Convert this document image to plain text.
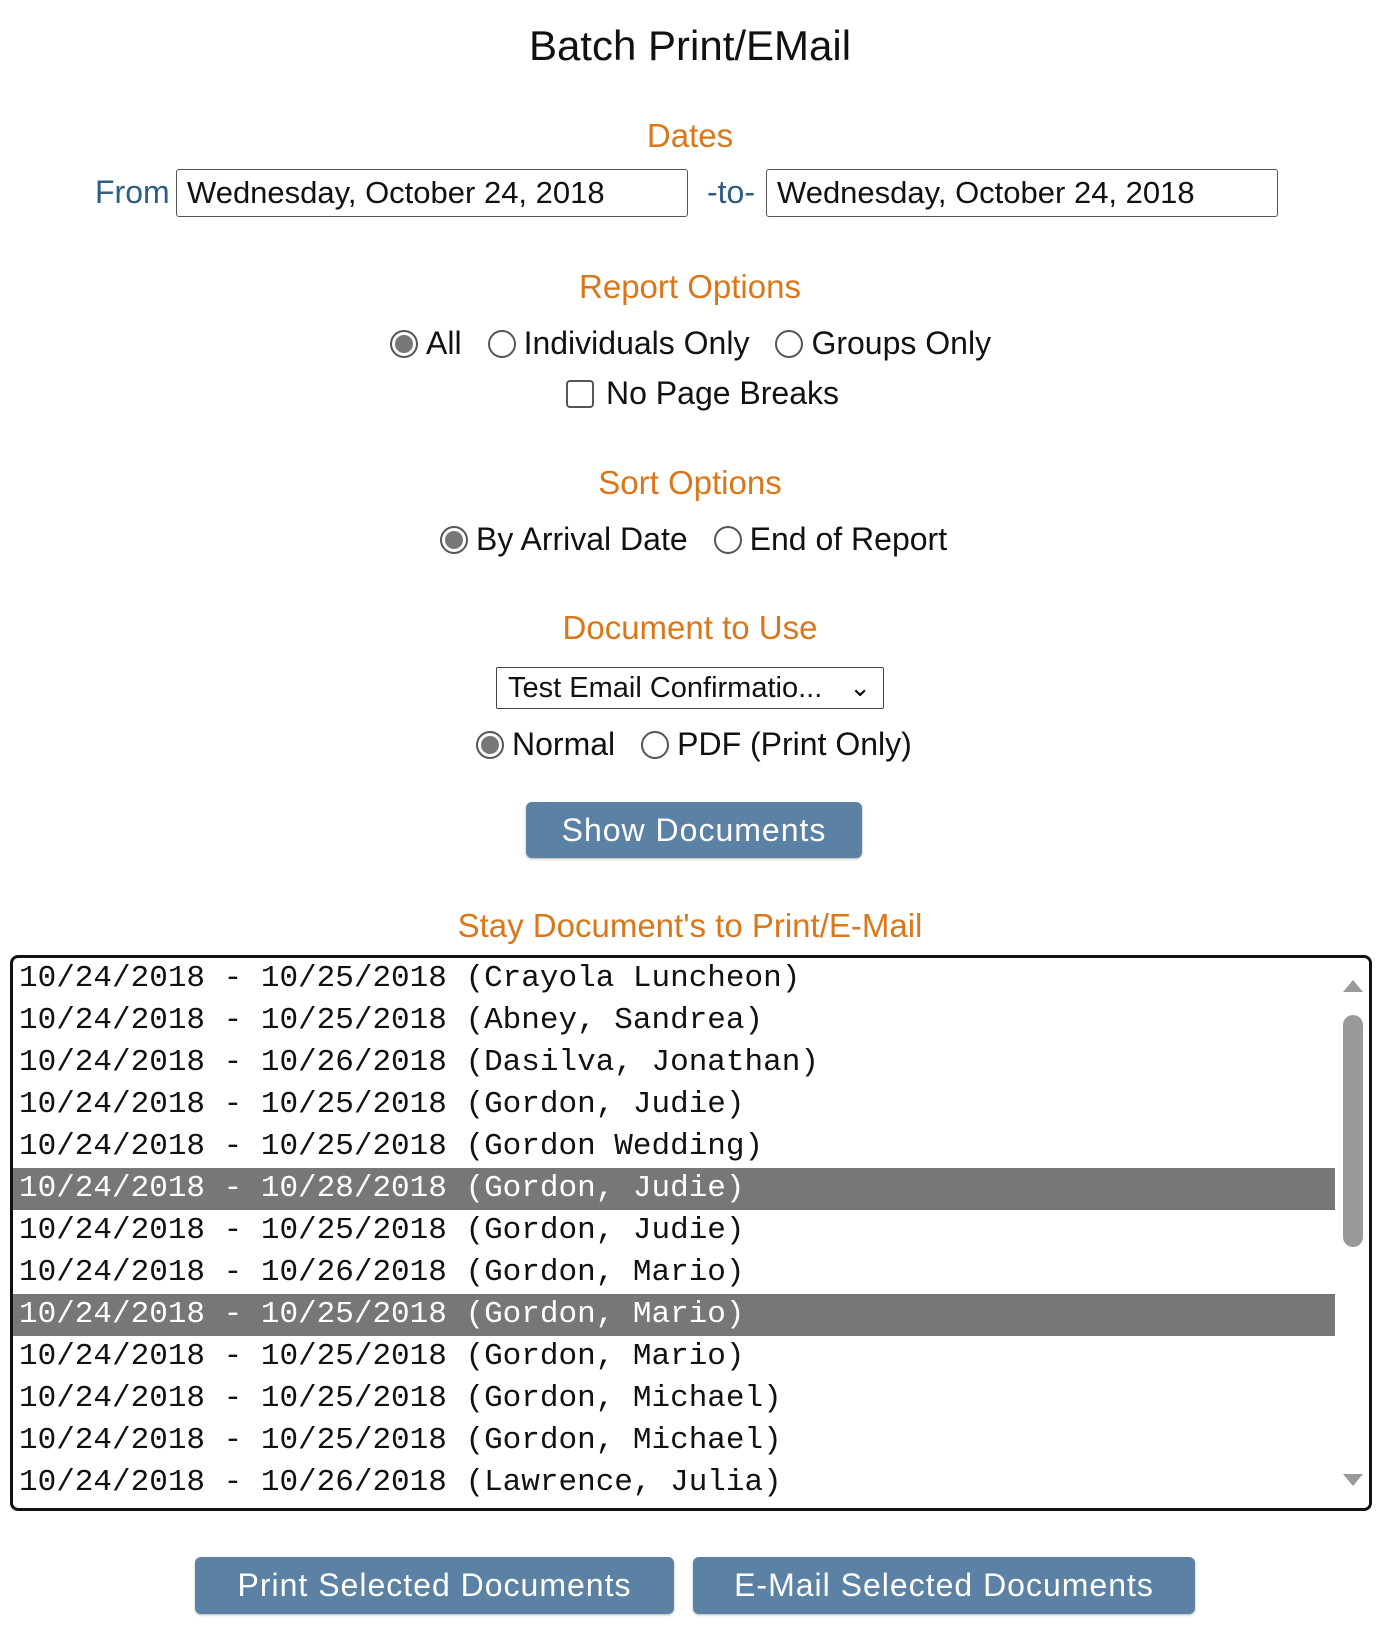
Batch Print/EMail
Dates
From
Wednesday, October 24, 2018	-to-
Wednesday, October 24, 2018
Report Options
All Individuals Only Groups Only
No Page Breaks
Sort Options
By Arrival Date End of Report
Document to Use
Test Email Confirmatio... ⌄
Normal PDF (Print Only)
Show Documents
Stay Document's to Print/E-Mail
10/24/2018 - 10/25/2018 (Crayola Luncheon)
10/24/2018 - 10/25/2018 (Abney, Sandrea)
10/24/2018 - 10/26/2018 (Dasilva, Jonathan)
10/24/2018 - 10/25/2018 (Gordon, Judie)
10/24/2018 - 10/25/2018 (Gordon Wedding)
10/24/2018 - 10/28/2018 (Gordon, Judie)
10/24/2018 - 10/25/2018 (Gordon, Judie)
10/24/2018 - 10/26/2018 (Gordon, Mario)
10/24/2018 - 10/25/2018 (Gordon, Mario)
10/24/2018 - 10/25/2018 (Gordon, Mario)
10/24/2018 - 10/25/2018 (Gordon, Michael)
10/24/2018 - 10/25/2018 (Gordon, Michael)
10/24/2018 - 10/26/2018 (Lawrence, Julia)
Print Selected Documents	E-Mail Selected Documents
